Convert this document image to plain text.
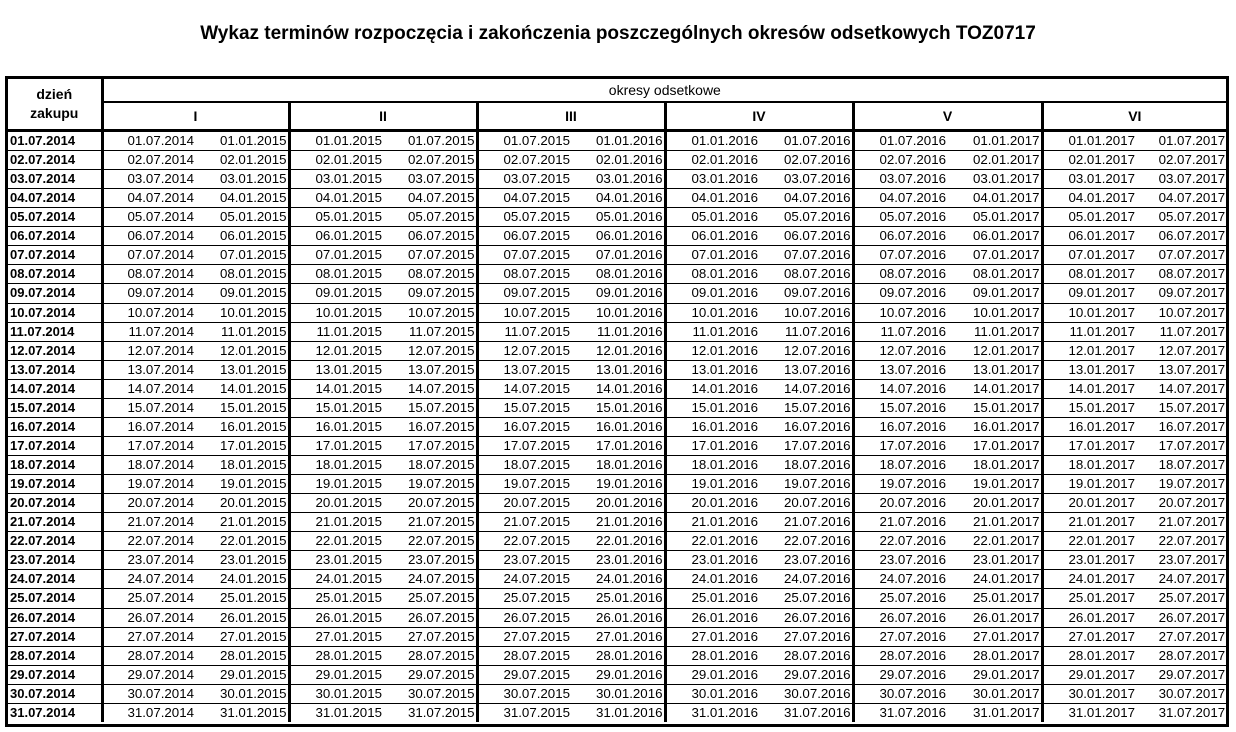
Wykaz terminów rozpoczęcia i zakończenia poszczególnych okresów odsetkowych TOZ0717
dzień
zakupu	okresy odsetkowe											
	I		II		III		IV		V		VI	
01.07.2014	01.07.2014	01.01.2015	01.01.2015	01.07.2015	01.07.2015	01.01.2016	01.01.2016	01.07.2016	01.07.2016	01.01.2017	01.01.2017	01.07.2017
02.07.2014	02.07.2014	02.01.2015	02.01.2015	02.07.2015	02.07.2015	02.01.2016	02.01.2016	02.07.2016	02.07.2016	02.01.2017	02.01.2017	02.07.2017
03.07.2014	03.07.2014	03.01.2015	03.01.2015	03.07.2015	03.07.2015	03.01.2016	03.01.2016	03.07.2016	03.07.2016	03.01.2017	03.01.2017	03.07.2017
04.07.2014	04.07.2014	04.01.2015	04.01.2015	04.07.2015	04.07.2015	04.01.2016	04.01.2016	04.07.2016	04.07.2016	04.01.2017	04.01.2017	04.07.2017
05.07.2014	05.07.2014	05.01.2015	05.01.2015	05.07.2015	05.07.2015	05.01.2016	05.01.2016	05.07.2016	05.07.2016	05.01.2017	05.01.2017	05.07.2017
06.07.2014	06.07.2014	06.01.2015	06.01.2015	06.07.2015	06.07.2015	06.01.2016	06.01.2016	06.07.2016	06.07.2016	06.01.2017	06.01.2017	06.07.2017
07.07.2014	07.07.2014	07.01.2015	07.01.2015	07.07.2015	07.07.2015	07.01.2016	07.01.2016	07.07.2016	07.07.2016	07.01.2017	07.01.2017	07.07.2017
08.07.2014	08.07.2014	08.01.2015	08.01.2015	08.07.2015	08.07.2015	08.01.2016	08.01.2016	08.07.2016	08.07.2016	08.01.2017	08.01.2017	08.07.2017
09.07.2014	09.07.2014	09.01.2015	09.01.2015	09.07.2015	09.07.2015	09.01.2016	09.01.2016	09.07.2016	09.07.2016	09.01.2017	09.01.2017	09.07.2017
10.07.2014	10.07.2014	10.01.2015	10.01.2015	10.07.2015	10.07.2015	10.01.2016	10.01.2016	10.07.2016	10.07.2016	10.01.2017	10.01.2017	10.07.2017
11.07.2014	11.07.2014	11.01.2015	11.01.2015	11.07.2015	11.07.2015	11.01.2016	11.01.2016	11.07.2016	11.07.2016	11.01.2017	11.01.2017	11.07.2017
12.07.2014	12.07.2014	12.01.2015	12.01.2015	12.07.2015	12.07.2015	12.01.2016	12.01.2016	12.07.2016	12.07.2016	12.01.2017	12.01.2017	12.07.2017
13.07.2014	13.07.2014	13.01.2015	13.01.2015	13.07.2015	13.07.2015	13.01.2016	13.01.2016	13.07.2016	13.07.2016	13.01.2017	13.01.2017	13.07.2017
14.07.2014	14.07.2014	14.01.2015	14.01.2015	14.07.2015	14.07.2015	14.01.2016	14.01.2016	14.07.2016	14.07.2016	14.01.2017	14.01.2017	14.07.2017
15.07.2014	15.07.2014	15.01.2015	15.01.2015	15.07.2015	15.07.2015	15.01.2016	15.01.2016	15.07.2016	15.07.2016	15.01.2017	15.01.2017	15.07.2017
16.07.2014	16.07.2014	16.01.2015	16.01.2015	16.07.2015	16.07.2015	16.01.2016	16.01.2016	16.07.2016	16.07.2016	16.01.2017	16.01.2017	16.07.2017
17.07.2014	17.07.2014	17.01.2015	17.01.2015	17.07.2015	17.07.2015	17.01.2016	17.01.2016	17.07.2016	17.07.2016	17.01.2017	17.01.2017	17.07.2017
18.07.2014	18.07.2014	18.01.2015	18.01.2015	18.07.2015	18.07.2015	18.01.2016	18.01.2016	18.07.2016	18.07.2016	18.01.2017	18.01.2017	18.07.2017
19.07.2014	19.07.2014	19.01.2015	19.01.2015	19.07.2015	19.07.2015	19.01.2016	19.01.2016	19.07.2016	19.07.2016	19.01.2017	19.01.2017	19.07.2017
20.07.2014	20.07.2014	20.01.2015	20.01.2015	20.07.2015	20.07.2015	20.01.2016	20.01.2016	20.07.2016	20.07.2016	20.01.2017	20.01.2017	20.07.2017
21.07.2014	21.07.2014	21.01.2015	21.01.2015	21.07.2015	21.07.2015	21.01.2016	21.01.2016	21.07.2016	21.07.2016	21.01.2017	21.01.2017	21.07.2017
22.07.2014	22.07.2014	22.01.2015	22.01.2015	22.07.2015	22.07.2015	22.01.2016	22.01.2016	22.07.2016	22.07.2016	22.01.2017	22.01.2017	22.07.2017
23.07.2014	23.07.2014	23.01.2015	23.01.2015	23.07.2015	23.07.2015	23.01.2016	23.01.2016	23.07.2016	23.07.2016	23.01.2017	23.01.2017	23.07.2017
24.07.2014	24.07.2014	24.01.2015	24.01.2015	24.07.2015	24.07.2015	24.01.2016	24.01.2016	24.07.2016	24.07.2016	24.01.2017	24.01.2017	24.07.2017
25.07.2014	25.07.2014	25.01.2015	25.01.2015	25.07.2015	25.07.2015	25.01.2016	25.01.2016	25.07.2016	25.07.2016	25.01.2017	25.01.2017	25.07.2017
26.07.2014	26.07.2014	26.01.2015	26.01.2015	26.07.2015	26.07.2015	26.01.2016	26.01.2016	26.07.2016	26.07.2016	26.01.2017	26.01.2017	26.07.2017
27.07.2014	27.07.2014	27.01.2015	27.01.2015	27.07.2015	27.07.2015	27.01.2016	27.01.2016	27.07.2016	27.07.2016	27.01.2017	27.01.2017	27.07.2017
28.07.2014	28.07.2014	28.01.2015	28.01.2015	28.07.2015	28.07.2015	28.01.2016	28.01.2016	28.07.2016	28.07.2016	28.01.2017	28.01.2017	28.07.2017
29.07.2014	29.07.2014	29.01.2015	29.01.2015	29.07.2015	29.07.2015	29.01.2016	29.01.2016	29.07.2016	29.07.2016	29.01.2017	29.01.2017	29.07.2017
30.07.2014	30.07.2014	30.01.2015	30.01.2015	30.07.2015	30.07.2015	30.01.2016	30.01.2016	30.07.2016	30.07.2016	30.01.2017	30.01.2017	30.07.2017
31.07.2014	31.07.2014	31.01.2015	31.01.2015	31.07.2015	31.07.2015	31.01.2016	31.01.2016	31.07.2016	31.07.2016	31.01.2017	31.01.2017	31.07.2017
